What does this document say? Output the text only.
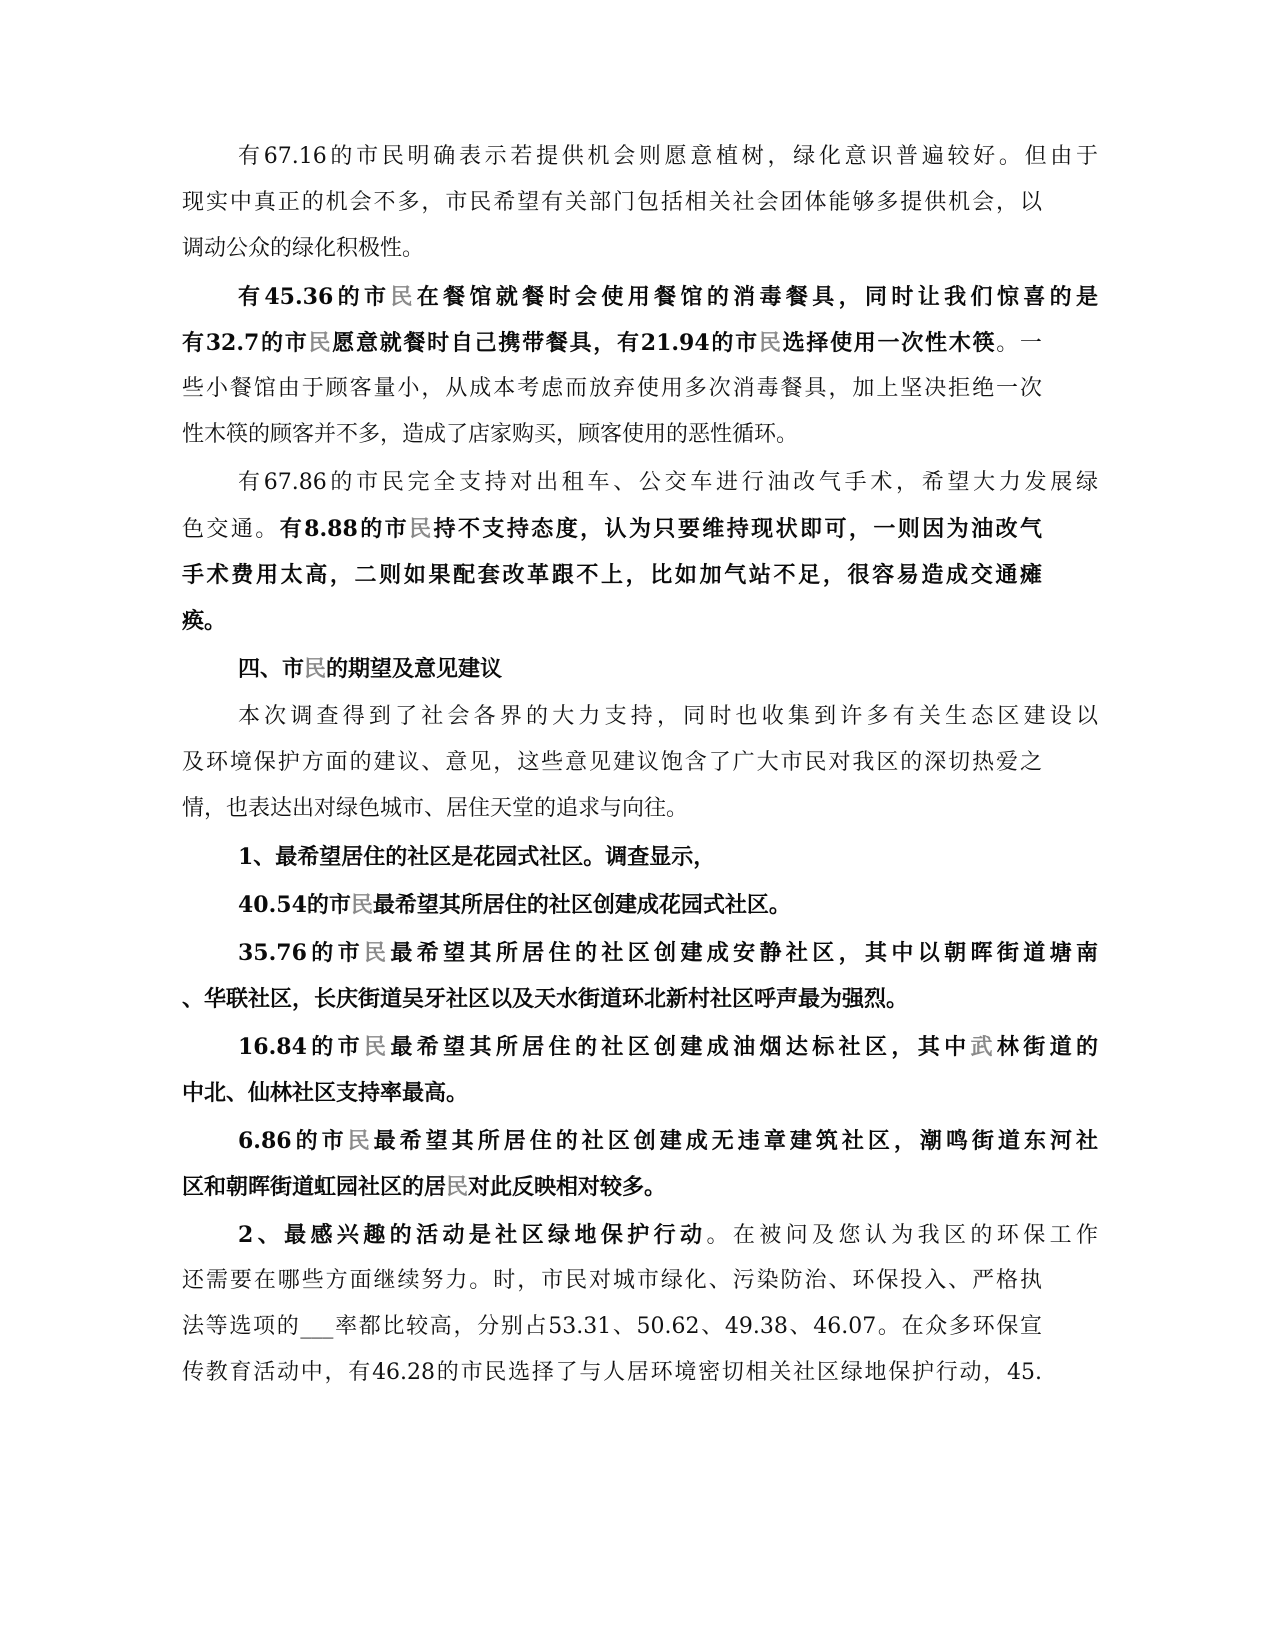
有67.16的市民明确表示若提供机会则愿意植树，绿化意识普遍较好。但由于
现实中真正的机会不多，市民希望有关部门包括相关社会团体能够多提供机会，以
调动公众的绿化积极性。
有45.36的市民在餐馆就餐时会使用餐馆的消毒餐具，同时让我们惊喜的是
有32.7的市民愿意就餐时自己携带餐具，有21.94的市民选择使用一次性木筷。一
些小餐馆由于顾客量小，从成本考虑而放弃使用多次消毒餐具，加上坚决拒绝一次
性木筷的顾客并不多，造成了店家购买，顾客使用的恶性循环。
有67.86的市民完全支持对出租车、公交车进行油改气手术，希望大力发展绿
色交通。有8.88的市民持不支持态度，认为只要维持现状即可，一则因为油改气
手术费用太高，二则如果配套改革跟不上，比如加气站不足，很容易造成交通瘫
痪。
四、市民的期望及意见建议
本次调查得到了社会各界的大力支持，同时也收集到许多有关生态区建设以
及环境保护方面的建议、意见，这些意见建议饱含了广大市民对我区的深切热爱之
情，也表达出对绿色城市、居住天堂的追求与向往。
1、最希望居住的社区是花园式社区。调查显示，
40.54的市民最希望其所居住的社区创建成花园式社区。
35.76的市民最希望其所居住的社区创建成安静社区，其中以朝晖街道塘南
、华联社区，长庆街道吴牙社区以及天水街道环北新村社区呼声最为强烈。
16.84的市民最希望其所居住的社区创建成油烟达标社区，其中武林街道的
中北、仙林社区支持率最高。
6.86的市民最希望其所居住的社区创建成无违章建筑社区，潮鸣街道东河社
区和朝晖街道虹园社区的居民对此反映相对较多。
2、最感兴趣的活动是社区绿地保护行动。在被问及您认为我区的环保工作
还需要在哪些方面继续努力。时，市民对城市绿化、污染防治、环保投入、严格执
法等选项的___率都比较高，分别占53.31、50.62、49.38、46.07。在众多环保宣
传教育活动中，有46.28的市民选择了与人居环境密切相关社区绿地保护行动，45.
